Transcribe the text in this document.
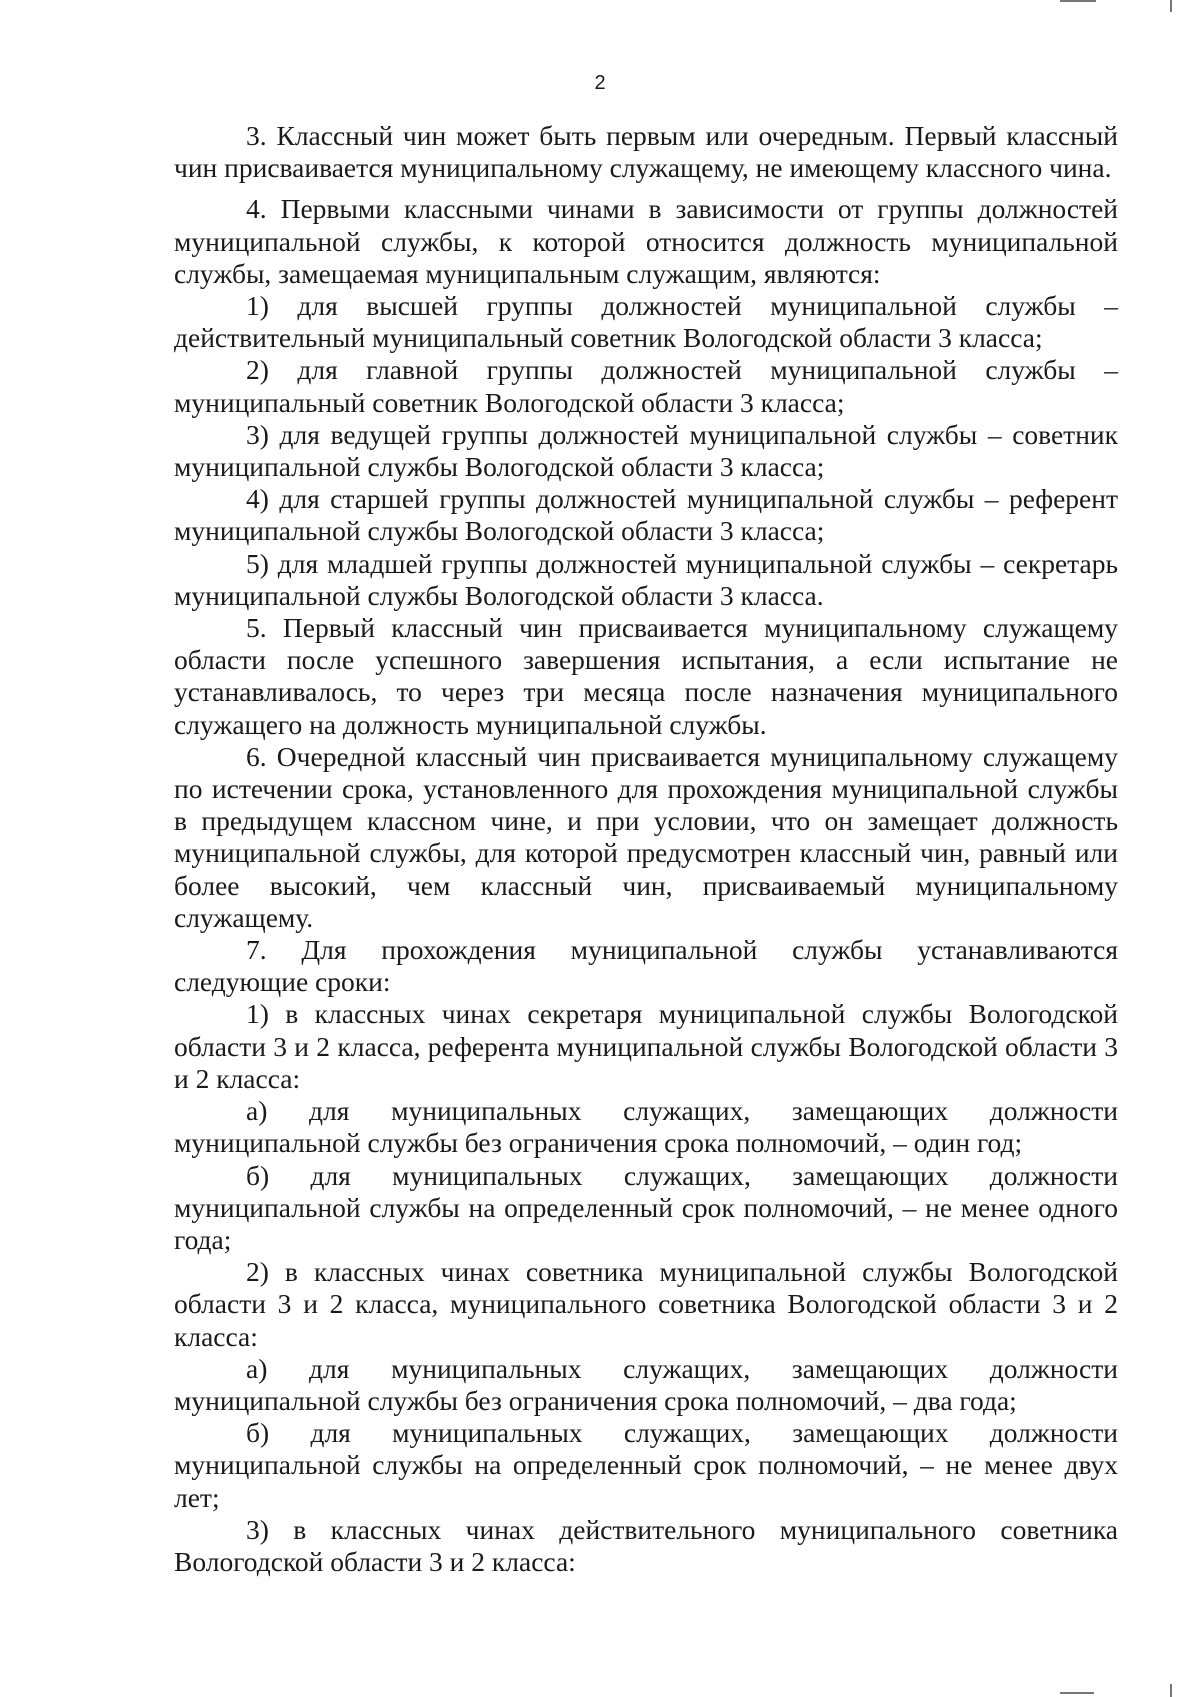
2

3. Классный чин может быть первым или очередным. Первый классный чин присваивается муниципальному служащему, не имеющему классного чина.

4. Первыми классными чинами в зависимости от группы должностей муниципальной службы, к которой относится должность муниципальной службы, замещаемая муниципальным служащим, являются:

1) для высшей группы должностей муниципальной службы – действительный муниципальный советник Вологодской области 3 класса;

2) для главной группы должностей муниципальной службы – муниципальный советник Вологодской области 3 класса;

3) для ведущей группы должностей муниципальной службы – советник муниципальной службы Вологодской области 3 класса;

4) для старшей группы должностей муниципальной службы – референт муниципальной службы Вологодской области 3 класса;

5) для младшей группы должностей муниципальной службы – секретарь муниципальной службы Вологодской области 3 класса.

5. Первый классный чин присваивается муниципальному служащему области после успешного завершения испытания, а если испытание не устанавливалось, то через три месяца после назначения муниципального служащего на должность муниципальной службы.

6. Очередной классный чин присваивается муниципальному служащему по истечении срока, установленного для прохождения муниципальной службы в предыдущем классном чине, и при условии, что он замещает должность муниципальной службы, для которой предусмотрен классный чин, равный или более высокий, чем классный чин, присваиваемый муниципальному служащему.

7. Для прохождения муниципальной службы устанавливаются следующие сроки:

1) в классных чинах секретаря муниципальной службы Вологодской области 3 и 2 класса, референта муниципальной службы Вологодской области 3 и 2 класса:

а) для муниципальных служащих, замещающих должности муниципальной службы без ограничения срока полномочий, – один год;

б) для муниципальных служащих, замещающих должности муниципальной службы на определенный срок полномочий, – не менее одного года;

2) в классных чинах советника муниципальной службы Вологодской области 3 и 2 класса, муниципального советника Вологодской области 3 и 2 класса:

а) для муниципальных служащих, замещающих должности муниципальной службы без ограничения срока полномочий, – два года;

б) для муниципальных служащих, замещающих должности муниципальной службы на определенный срок полномочий, – не менее двух лет;

3) в классных чинах действительного муниципального советника Вологодской области 3 и 2 класса:
